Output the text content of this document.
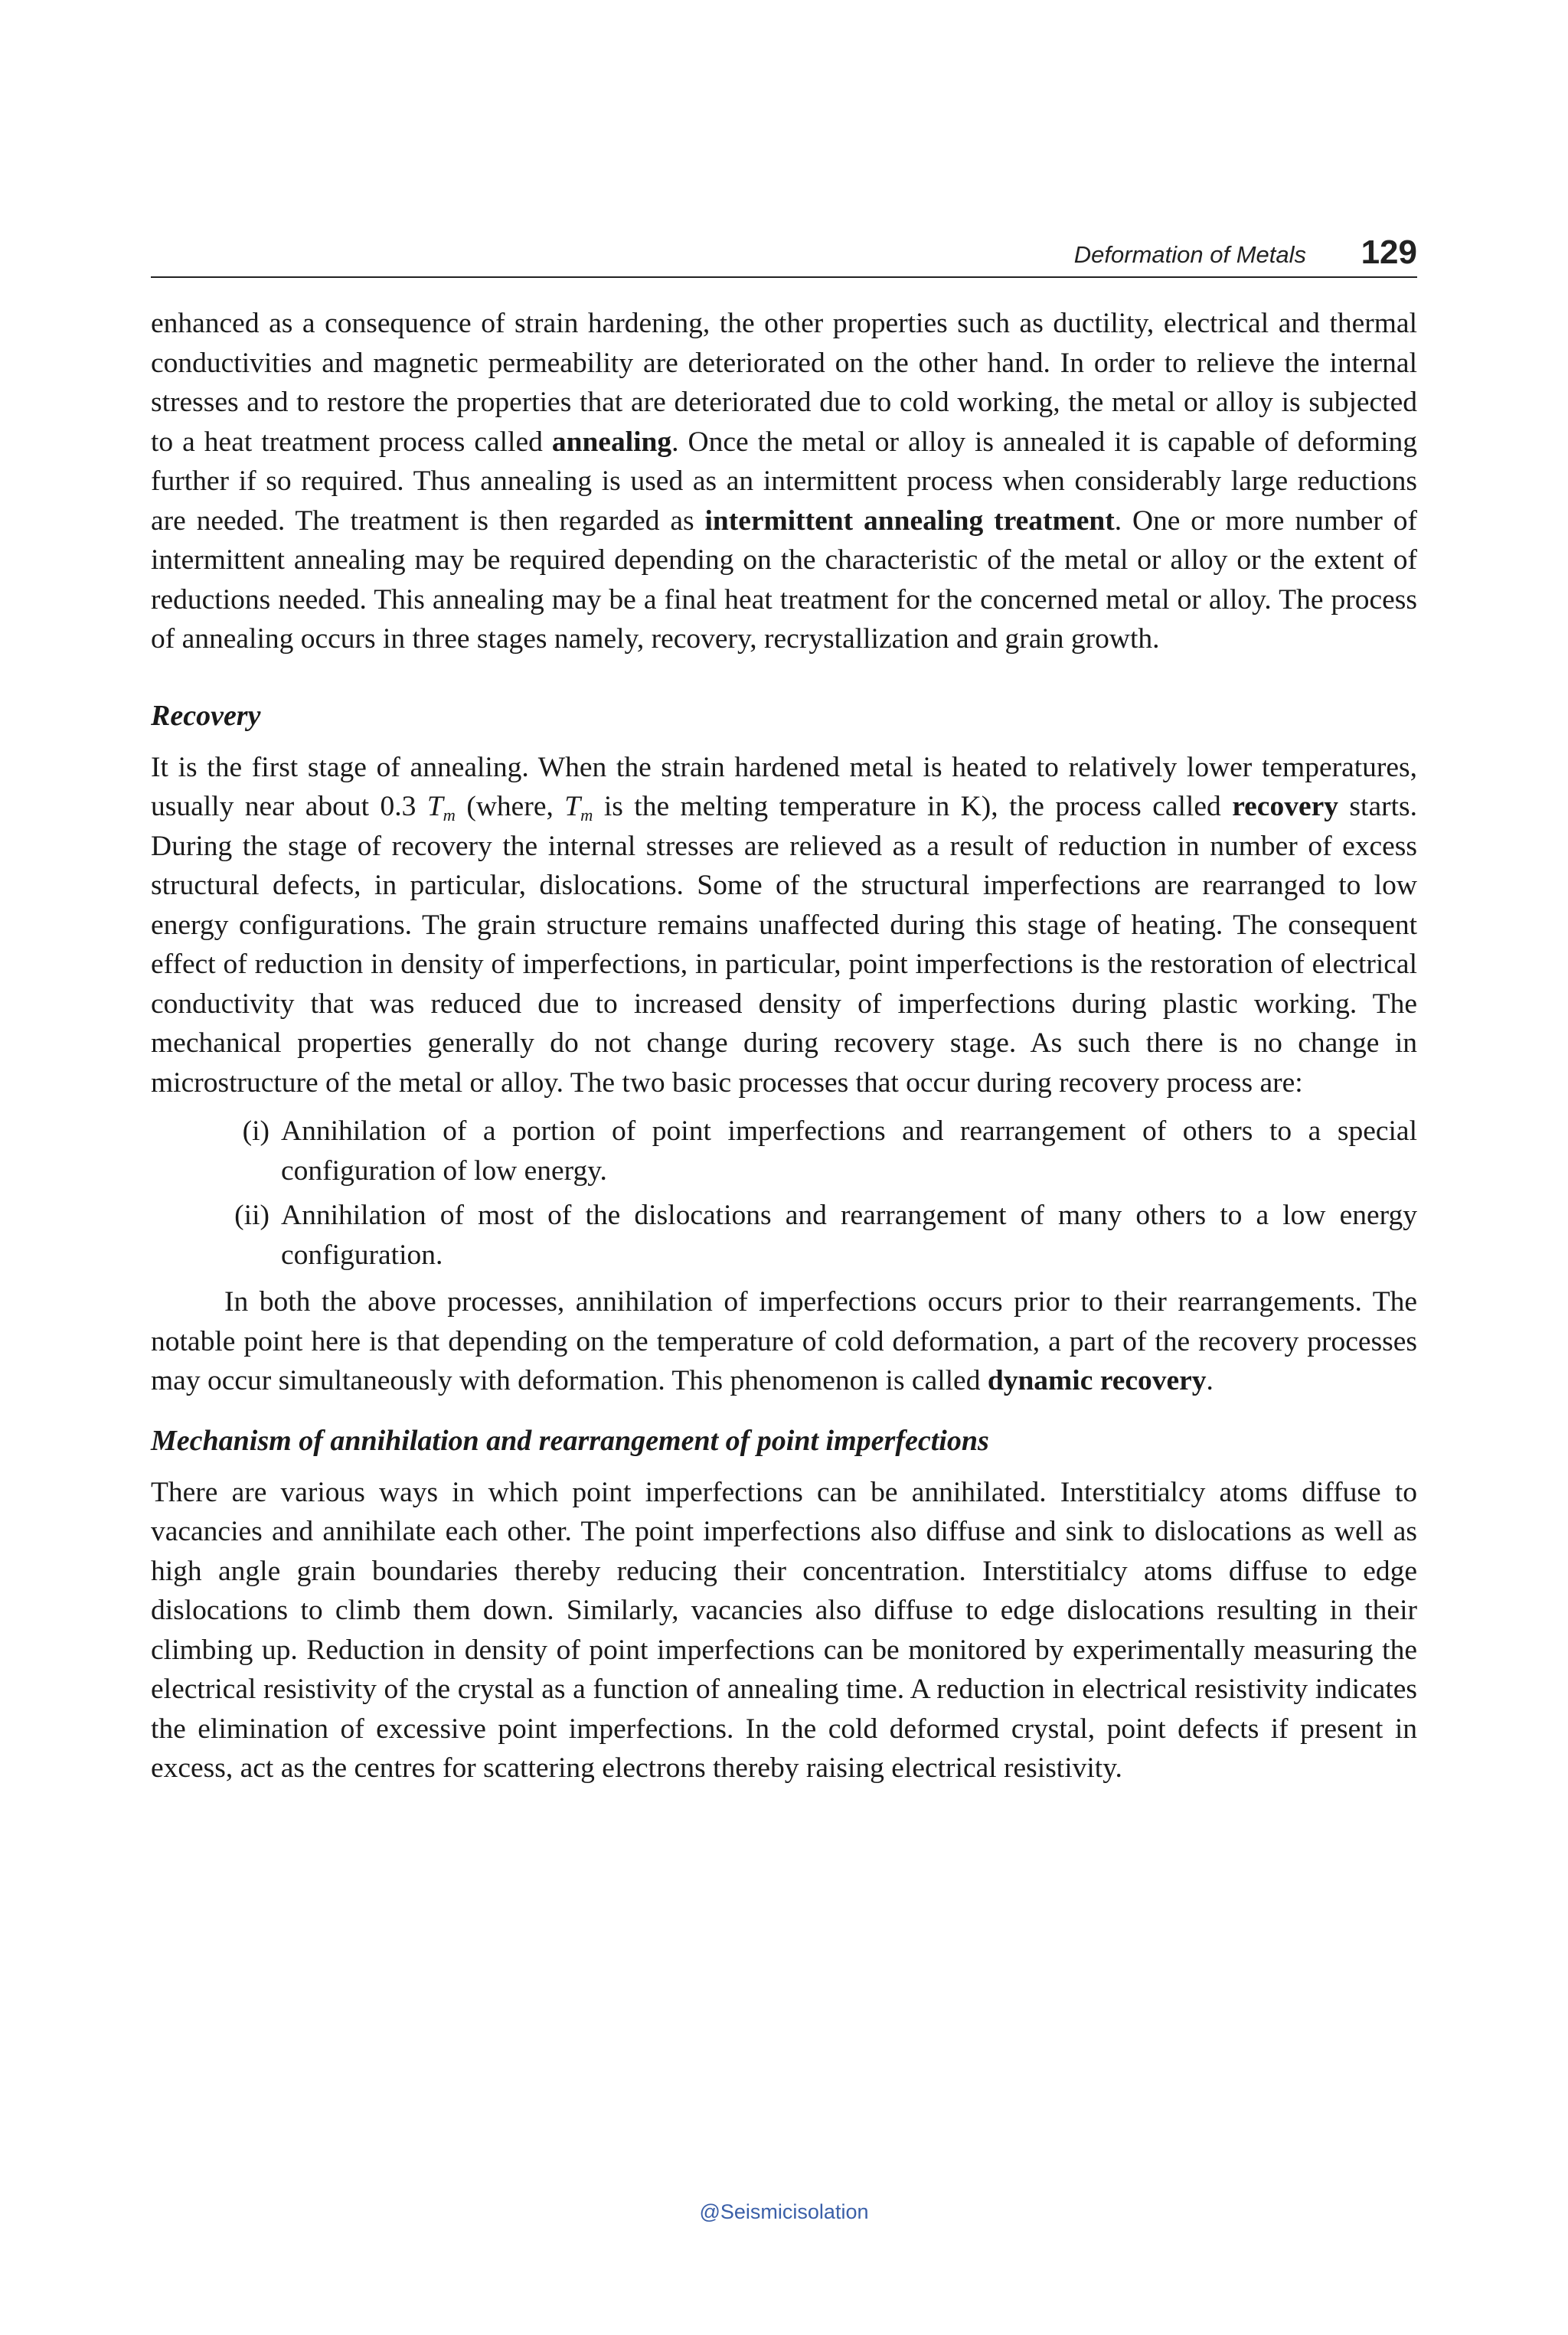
Deformation of Metals 129

enhanced as a consequence of strain hardening, the other properties such as ductility, electrical and thermal conductivities and magnetic permeability are deteriorated on the other hand. In order to relieve the internal stresses and to restore the properties that are deteriorated due to cold working, the metal or alloy is subjected to a heat treatment process called annealing. Once the metal or alloy is annealed it is capable of deforming further if so required. Thus annealing is used as an intermittent process when considerably large reductions are needed. The treatment is then regarded as intermittent annealing treatment. One or more number of intermittent annealing may be required depending on the characteristic of the metal or alloy or the extent of reductions needed. This annealing may be a final heat treatment for the concerned metal or alloy. The process of annealing occurs in three stages namely, recovery, recrystallization and grain growth.

Recovery

It is the first stage of annealing. When the strain hardened metal is heated to relatively lower temperatures, usually near about 0.3 $T_m$ (where, $T_m$ is the melting temperature in K), the process called recovery starts. During the stage of recovery the internal stresses are relieved as a result of reduction in number of excess structural defects, in particular, dislocations. Some of the structural imperfections are rearranged to low energy configurations. The grain structure remains unaffected during this stage of heating. The consequent effect of reduction in density of imperfections, in particular, point imperfections is the restoration of electrical conductivity that was reduced due to increased density of imperfections during plastic working. The mechanical properties generally do not change during recovery stage. As such there is no change in microstructure of the metal or alloy. The two basic processes that occur during recovery process are:

(i) Annihilation of a portion of point imperfections and rearrangement of others to a special configuration of low energy.
(ii) Annihilation of most of the dislocations and rearrangement of many others to a low energy configuration.

In both the above processes, annihilation of imperfections occurs prior to their rearrangements. The notable point here is that depending on the temperature of cold deformation, a part of the recovery processes may occur simultaneously with deformation. This phenomenon is called dynamic recovery.

Mechanism of annihilation and rearrangement of point imperfections

There are various ways in which point imperfections can be annihilated. Interstitialcy atoms diffuse to vacancies and annihilate each other. The point imperfections also diffuse and sink to dislocations as well as high angle grain boundaries thereby reducing their concentration. Interstitialcy atoms diffuse to edge dislocations to climb them down. Similarly, vacancies also diffuse to edge dislocations resulting in their climbing up. Reduction in density of point imperfections can be monitored by experimentally measuring the electrical resistivity of the crystal as a function of annealing time. A reduction in electrical resistivity indicates the elimination of excessive point imperfections. In the cold deformed crystal, point defects if present in excess, act as the centres for scattering electrons thereby raising electrical resistivity.

@Seismicisolation
